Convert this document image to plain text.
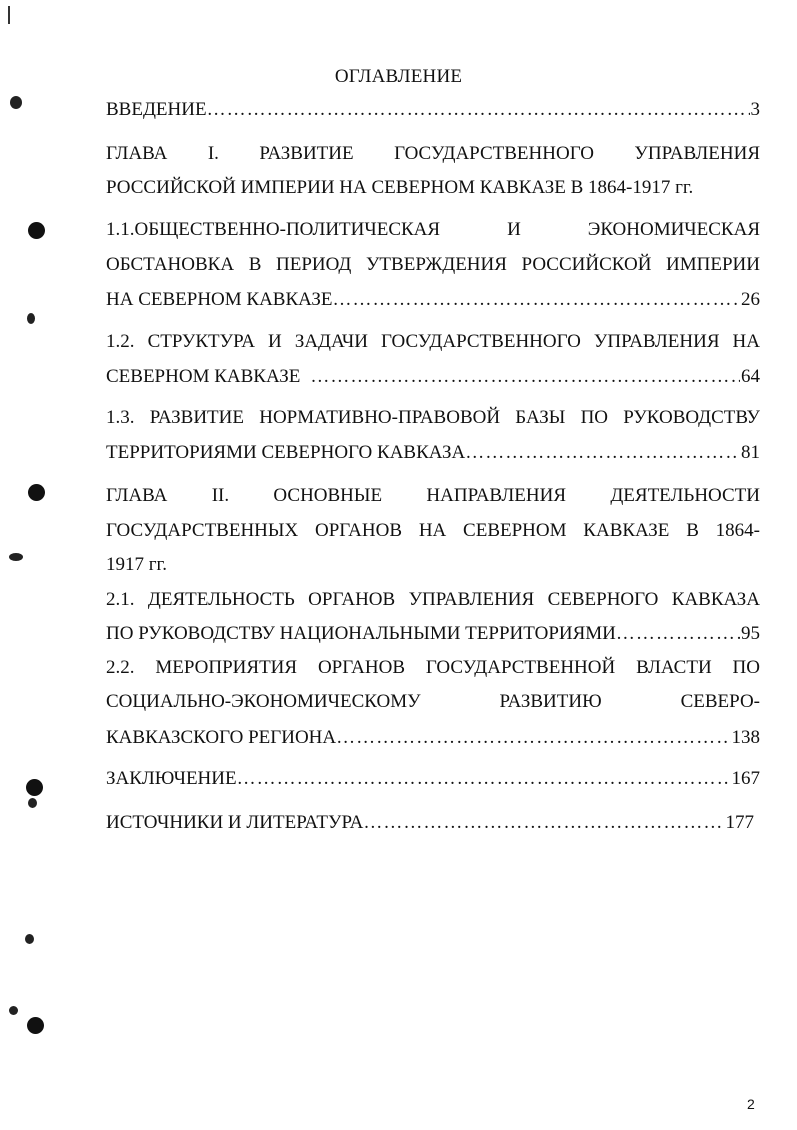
ОГЛАВЛЕНИЕ
ВВЕДЕНИЕ ……………………………………………………………………………………………………………………………………………………………………………	3
ГЛАВА I. РАЗВИТИЕ ГОСУДАРСТВЕННОГО УПРАВЛЕНИЯ
РОССИЙСКОЙ ИМПЕРИИ НА СЕВЕРНОМ КАВКАЗЕ В 1864-1917 гг.
1.1.ОБЩЕСТВЕННО-ПОЛИТИЧЕСКАЯ И ЭКОНОМИЧЕСКАЯ
ОБСТАНОВКА В ПЕРИОД УТВЕРЖДЕНИЯ РОССИЙСКОЙ ИМПЕРИИ
НА СЕВЕРНОМ КАВКАЗЕ ……………………………………………………………………………………………………………………………………………………………………………	26
1.2. СТРУКТУРА И ЗАДАЧИ ГОСУДАРСТВЕННОГО УПРАВЛЕНИЯ НА
СЕВЕРНОМ КАВКАЗЕ ……………………………………………………………………………………………………………………………………………………………………………	64
1.3. РАЗВИТИЕ НОРМАТИВНО-ПРАВОВОЙ БАЗЫ ПО РУКОВОДСТВУ
ТЕРРИТОРИЯМИ СЕВЕРНОГО КАВКАЗА ……………………………………………………………………………………………………………………………………………………………………………	81
ГЛАВА II. ОСНОВНЫЕ НАПРАВЛЕНИЯ ДЕЯТЕЛЬНОСТИ
ГОСУДАРСТВЕННЫХ ОРГАНОВ НА СЕВЕРНОМ КАВКАЗЕ В 1864-
1917 гг.
2.1. ДЕЯТЕЛЬНОСТЬ ОРГАНОВ УПРАВЛЕНИЯ СЕВЕРНОГО КАВКАЗА
ПО РУКОВОДСТВУ НАЦИОНАЛЬНЫМИ ТЕРРИТОРИЯМИ ……………………………………………………………………………………………………………………………………………………………………………	95
2.2. МЕРОПРИЯТИЯ ОРГАНОВ ГОСУДАРСТВЕННОЙ ВЛАСТИ ПО
СОЦИАЛЬНО-ЭКОНОМИЧЕСКОМУ РАЗВИТИЮ СЕВЕРО-
КАВКАЗСКОГО РЕГИОНА ……………………………………………………………………………………………………………………………………………………………………………	138
ЗАКЛЮЧЕНИЕ ……………………………………………………………………………………………………………………………………………………………………………	167
ИСТОЧНИКИ И ЛИТЕРАТУРА ……………………………………………………………………………………………………………………………………………………………………………	177
2
